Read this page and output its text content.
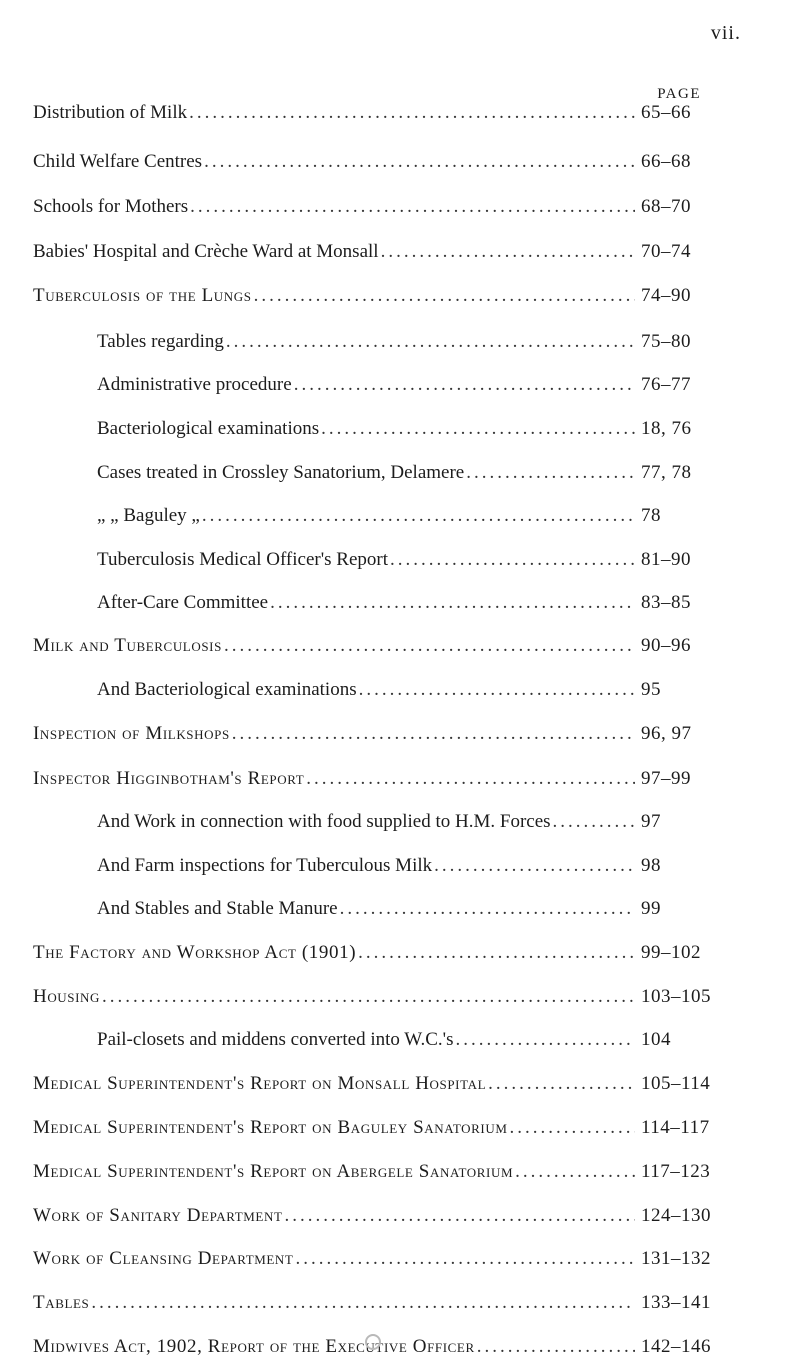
vii.
PAGE
Distribution of Milk .....	65–66
Child Welfare Centres .....	66–68
Schools for Mothers .....	68–70
Babies' Hospital and Crèche Ward at Monsall .....	70–74
Tuberculosis of the Lungs .....	74–90
Tables regarding .....	75–80
Administrative procedure .....	76–77
Bacteriological examinations .....	18, 76
Cases treated in Crossley Sanatorium, Delamere .....	77, 78
„ „ Baguley „ .....	78
Tuberculosis Medical Officer's Report .....	81–90
After-Care Committee .....	83–85
Milk and Tuberculosis .....	90–96
And Bacteriological examinations .....	95
Inspection of Milkshops .....	96, 97
Inspector Higginbotham's Report .....	97–99
And Work in connection with food supplied to H.M. Forces .....	97
And Farm inspections for Tuberculous Milk .....	98
And Stables and Stable Manure .....	99
The Factory and Workshop Act (1901) .....	99–102
Housing .....	103–105
Pail-closets and middens converted into W.C.'s .....	104
Medical Superintendent's Report on Monsall Hospital .....	105–114
Medical Superintendent's Report on Baguley Sanatorium .....	114–117
Medical Superintendent's Report on Abergele Sanatorium .....	117–123
Work of Sanitary Department .....	124–130
Work of Cleansing Department .....	131–132
Tables .....	133–141
Midwives Act, 1902, Report of the Executive Officer .....	142–146
